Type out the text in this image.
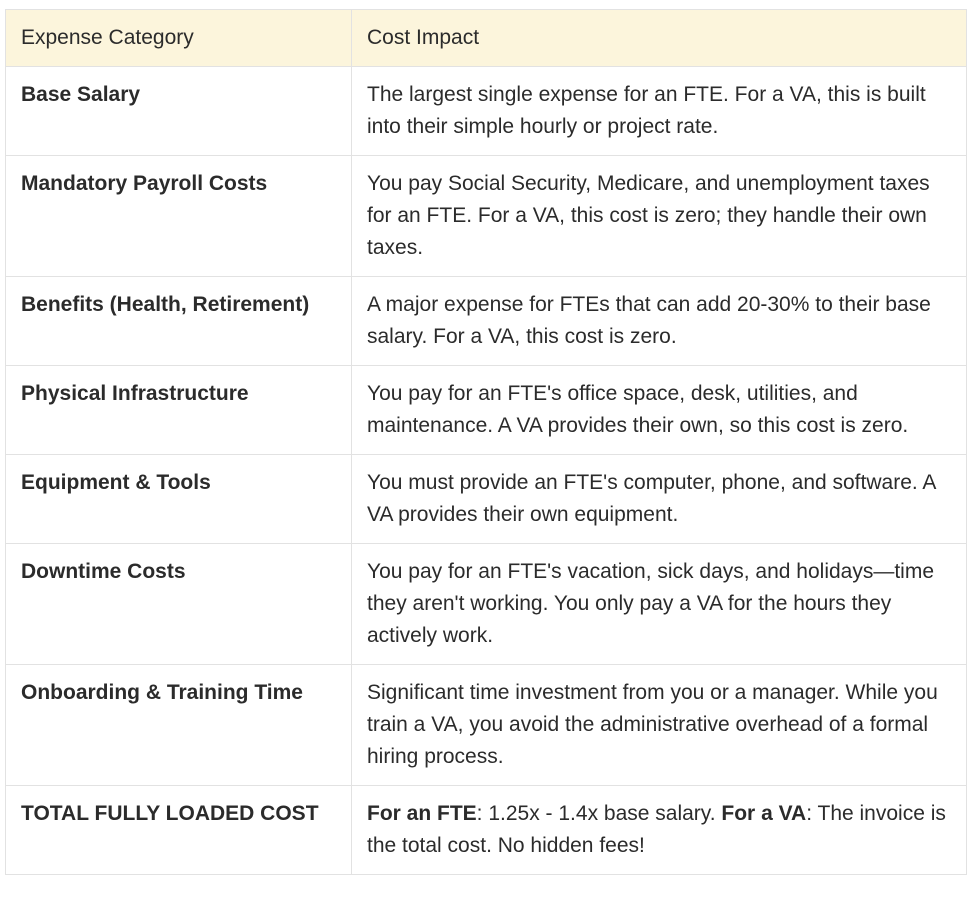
Expense Category	Cost Impact
Base Salary	The largest single expense for an FTE. For a VA, this is built into their simple hourly or project rate.
Mandatory Payroll Costs	You pay Social Security, Medicare, and unemployment taxes for an FTE. For a VA, this cost is zero; they handle their own taxes.
Benefits (Health, Retirement)	A major expense for FTEs that can add 20-30% to their base salary. For a VA, this cost is zero.
Physical Infrastructure	You pay for an FTE's office space, desk, utilities, and maintenance. A VA provides their own, so this cost is zero.
Equipment & Tools	You must provide an FTE's computer, phone, and software. A VA provides their own equipment.
Downtime Costs	You pay for an FTE's vacation, sick days, and holidays—time they aren't working. You only pay a VA for the hours they actively work.
Onboarding & Training Time	Significant time investment from you or a manager. While you train a VA, you avoid the administrative overhead of a formal hiring process.
TOTAL FULLY LOADED COST	For an FTE: 1.25x - 1.4x base salary. For a VA: The invoice is the total cost. No hidden fees!
